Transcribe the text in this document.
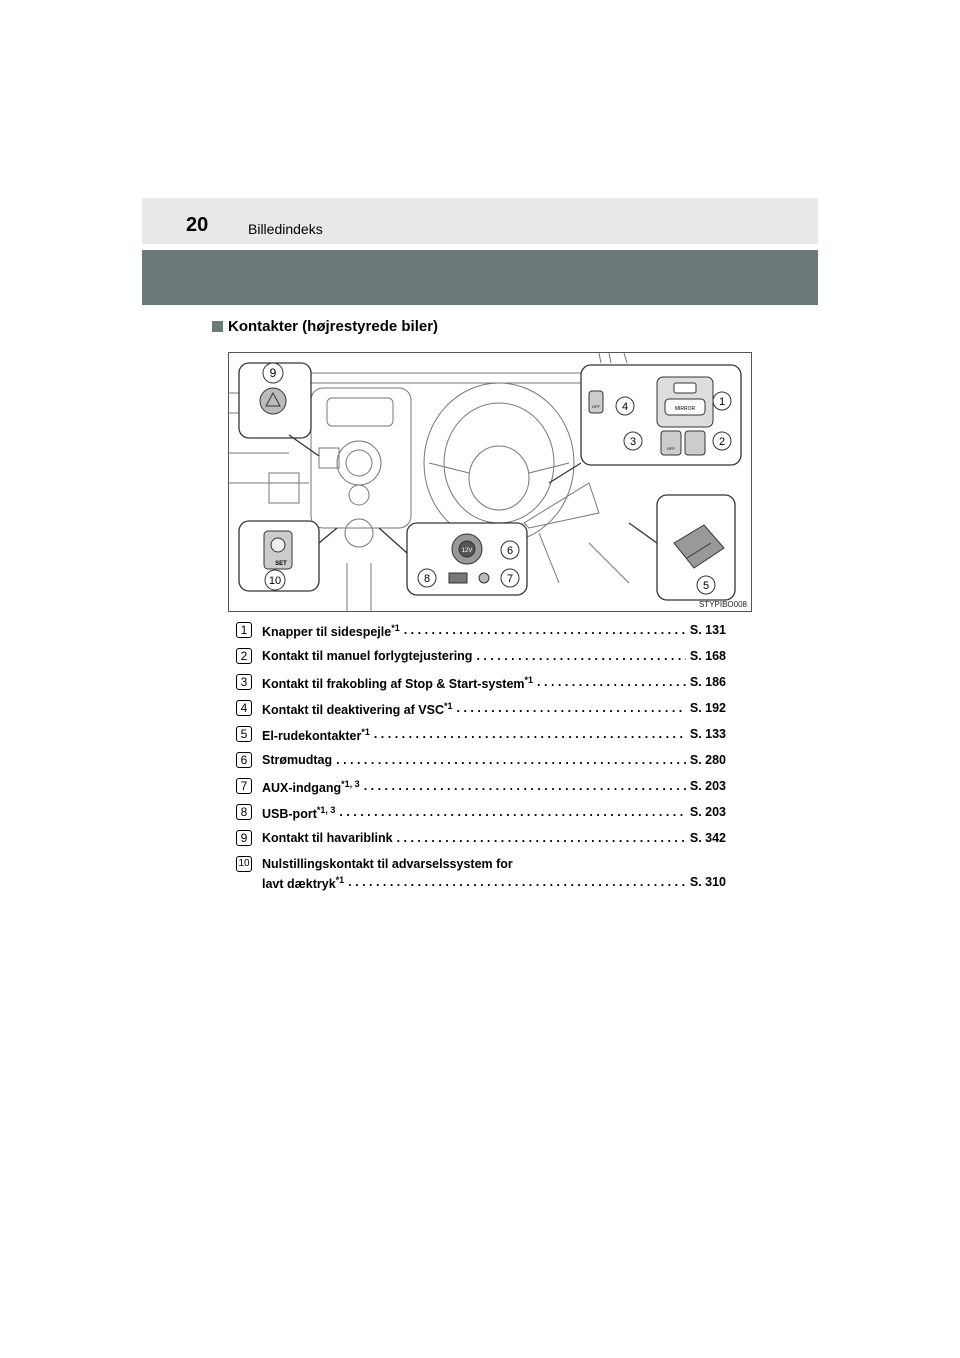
20	Billedindeks
Kontakter (højrestyrede biler)
9
SET
10
12V	6
7
8
OFF 4	MIRROR
1
OFF
3	2
5
STYPIBO008
1	Knapper til sidespejle$^{*1}$ . . .	S. 131
2	Kontakt til manuel forlygtejustering . . .	S. 168
3	Kontakt til frakobling af Stop & Start-system$^{*1}$ . . .	S. 186
4	Kontakt til deaktivering af VSC$^{*1}$ . . .	S. 192
5	El-rudekontakter$^{*1}$ . . .	S. 133
6	Strømudtag . . .	S. 280
7	AUX-indgang$^{*1, 3}$ . . .	S. 203
8	USB-port$^{*1, 3}$ . . .	S. 203
9	Kontakt til havariblink . . .	S. 342
10 Nulstillingskontakt til advarselssystem for
lavt dæktryk$^{*1}$ . . .	S. 310
